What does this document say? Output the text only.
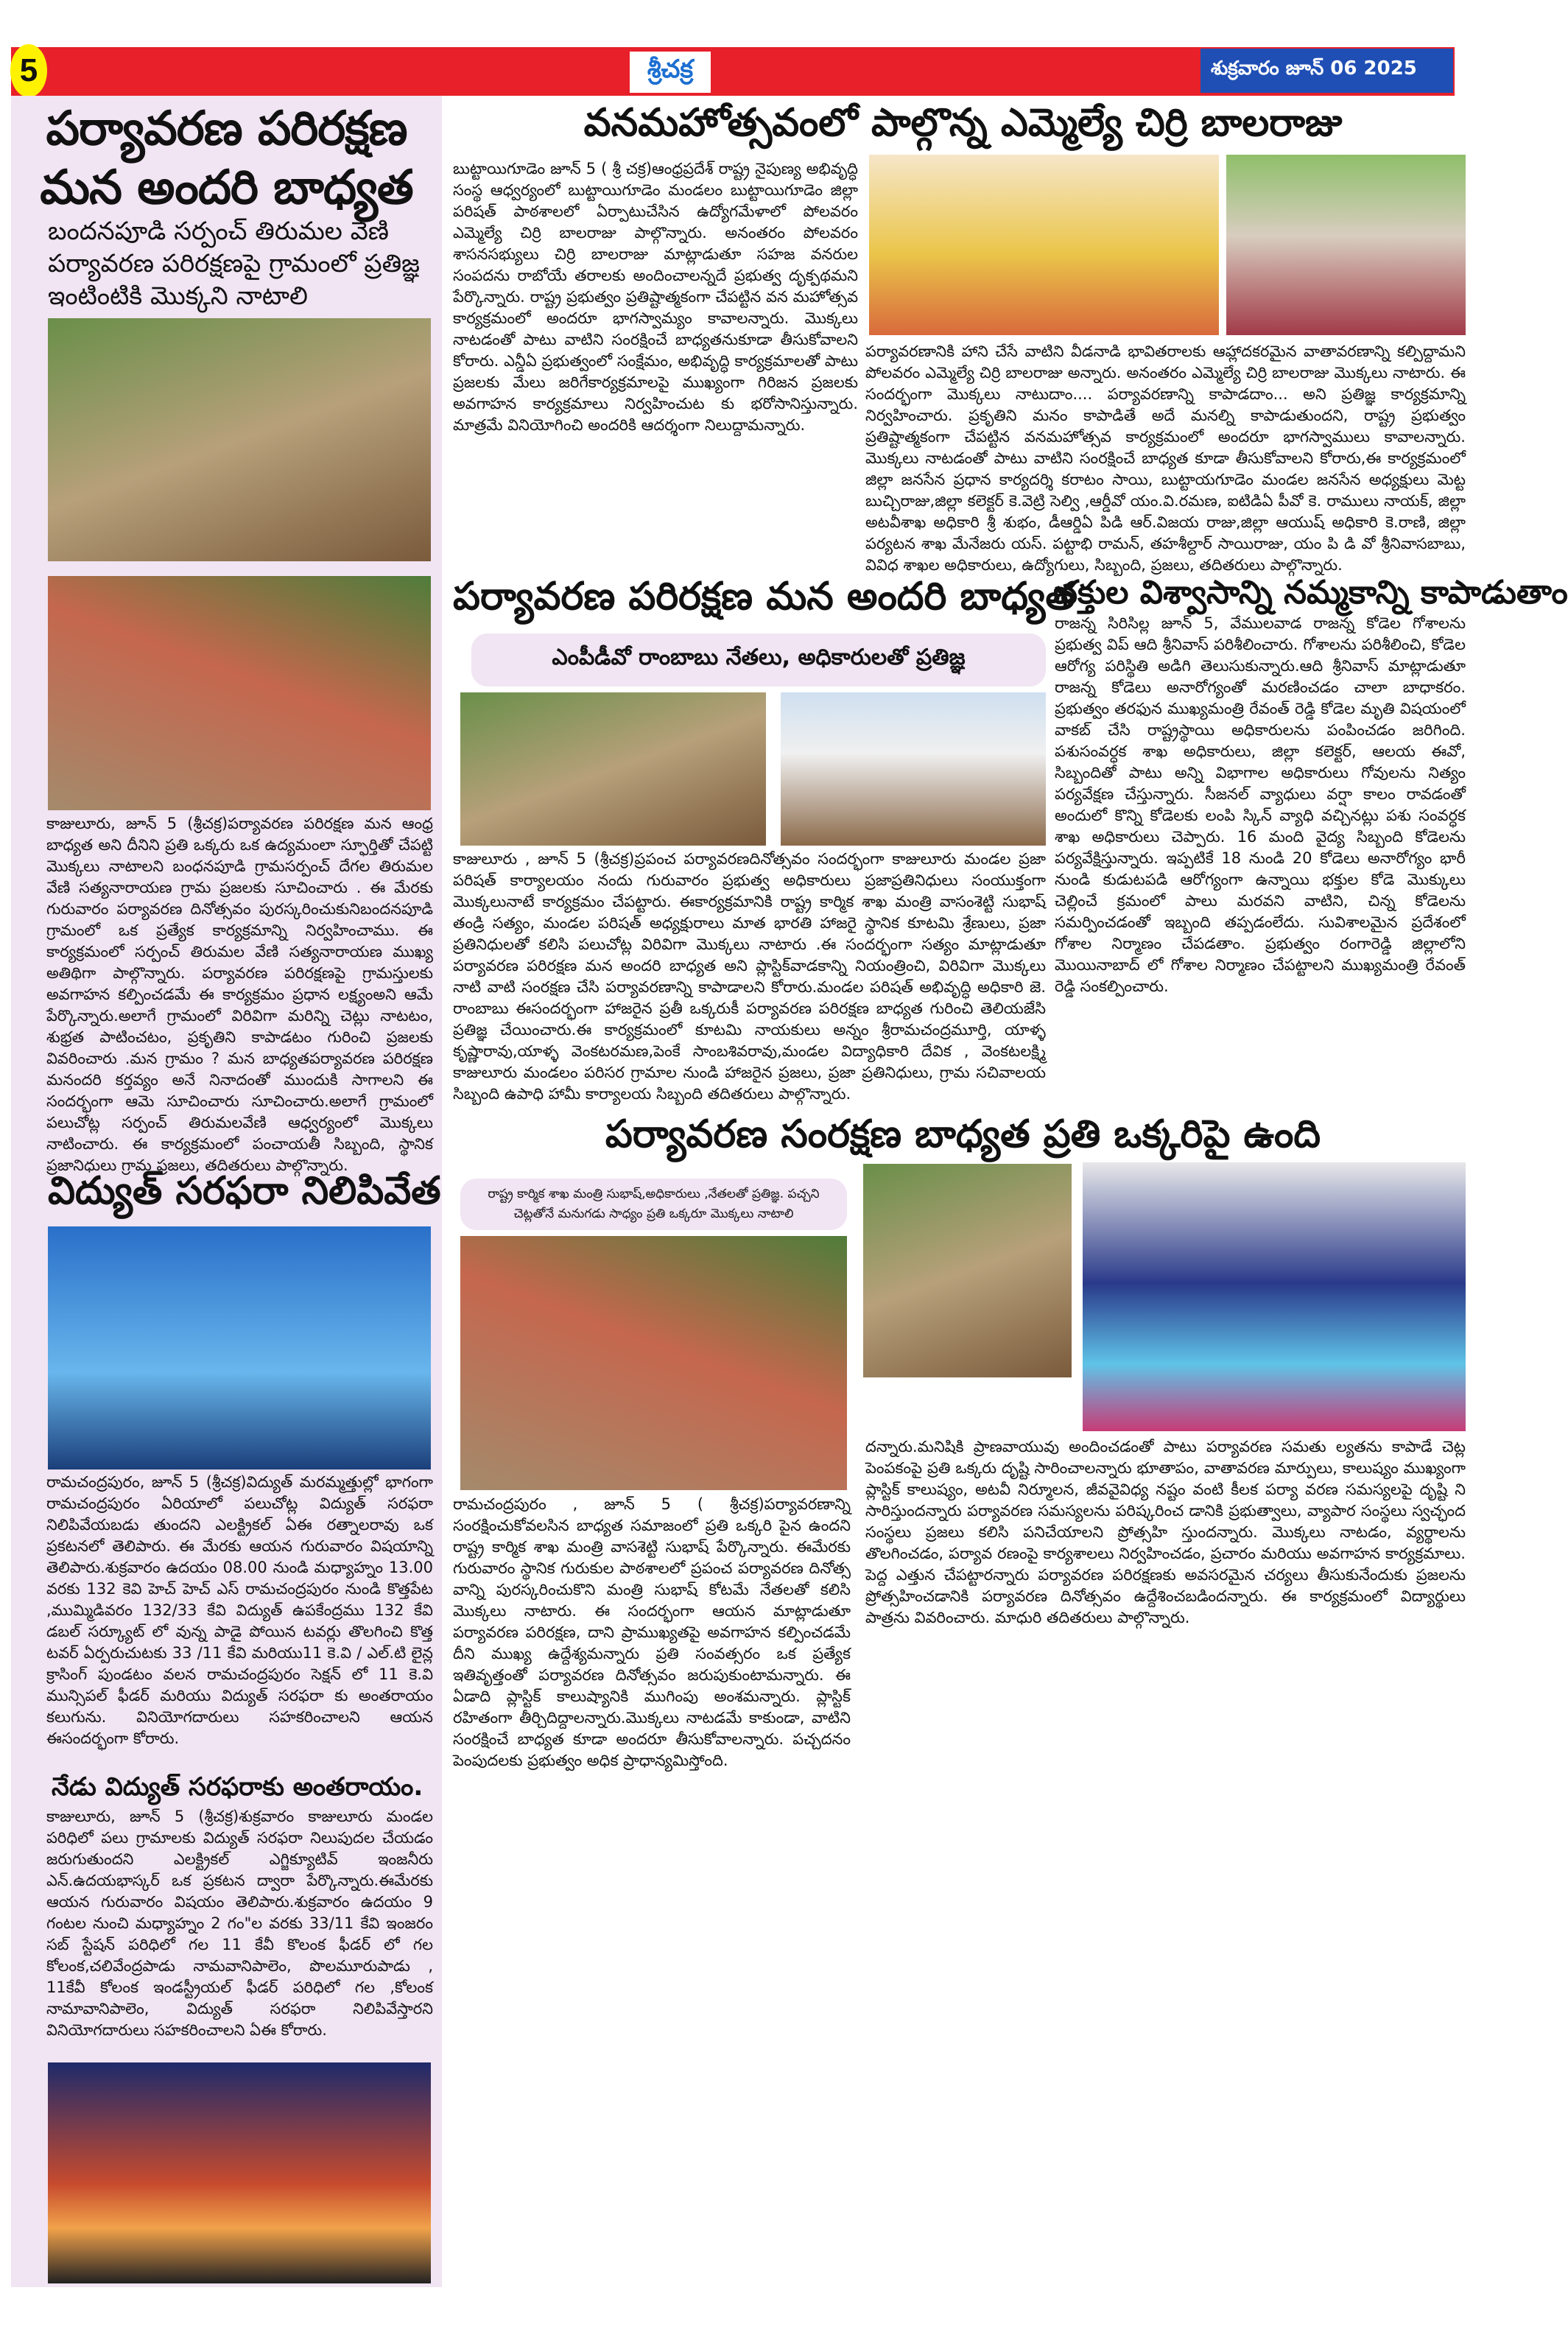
5	శ్రీచక్ర	శుక్రవారం జూన్ 06 2025
పర్యావరణ పరిరక్షణ
మన అందరి బాధ్యత
బందనపూడి సర్పంచ్ తిరుమల వేణి పర్యావరణ పరిరక్షణపై గ్రామంలో ప్రతిజ్ఞ ఇంటింటికి మొక్కని నాటాలి
కాజులూరు, జూన్ 5 (శ్రీచక్ర)పర్యావరణ పరిరక్షణ మన ఆంధ్ర బాధ్యత అని దీనిని ప్రతి ఒక్కరు ఒక ఉద్యమంలా స్ఫూర్తితో చేపట్టి మొక్కలు నాటాలని బంధనపూడి గ్రామసర్పంచ్ దేగల తిరుమల వేణి సత్యనారాయణ గ్రామ ప్రజలకు సూచించారు . ఈ మేరకు గురువారం పర్యావరణ దినోత్సవం పురస్కరించుకునిబందనపూడి గ్రామంలో ఒక ప్రత్యేక కార్యక్రమాన్ని నిర్వహించాము. ఈ కార్యక్రమంలో సర్పంచ్ తిరుమల వేణి సత్యనారాయణ ముఖ్య అతిథిగా పాల్గొన్నారు. పర్యావరణ పరిరక్షణపై గ్రామస్తులకు అవగాహన కల్పించడమే ఈ కార్యక్రమం ప్రధాన లక్ష్యంఅని ఆమే పేర్కొన్నారు.అలాగే గ్రామంలో విరివిగా మరిన్ని చెట్లు నాటటం, శుభ్రత పాటించటం, ప్రకృతిని కాపాడటం గురించి ప్రజలకు వివరించారు .మన గ్రామం ? మన బాధ్యతపర్యావరణ పరిరక్షణ మనందరి కర్తవ్యం అనే నినాదంతో ముందుకి సాగాలని ఈ సందర్భంగా ఆమె సూచించారు సూచించారు.అలాగే గ్రామంలో పలుచోట్ల సర్పంచ్ తిరుమలవేణి ఆధ్వర్యంలో మొక్కలు నాటించారు. ఈ కార్యక్రమంలో పంచాయతీ సిబ్బంది, స్థానిక ప్రజానిధులు గ్రామ ప్రజలు, తదితరులు పాల్గొన్నారు.
విద్యుత్ సరఫరా నిలిపివేత
రామచంద్రపురం, జూన్ 5 (శ్రీచక్ర)విద్యుత్ మరమ్మత్తుల్లో భాగంగా రామచంద్రపురం ఏరియాలో పలుచోట్ల విద్యుత్ సరఫరా నిలిపివేయబడు తుందని ఎలక్ట్రికల్ ఏఈ రత్నాలరావు ఒక ప్రకటనలో తెలిపారు. ఈ మేరకు ఆయన గురువారం విషయాన్ని తెలిపారు.శుక్రవారం ఉదయం 08.00 నుండి మధ్యాహ్నం 13.00 వరకు 132 కెవి హెచ్ హెచ్ ఎస్ రామచంద్రపురం నుండి కొత్తపేట ,ముమ్మిడివరం 132/33 కేవి విద్యుత్ ఉపకేంద్రము 132 కేవి డబల్ సర్క్యూట్ లో వున్న పాడై పోయిన టవర్లు తొలగించి కొత్త టవర్ ఏర్పరుచుటకు 33 /11 కేవి మరియు11 కె.వి / ఎల్.టి లైన్ల క్రాసింగ్ పుండటం వలన రామచంద్రపురం సెక్షన్ లో 11 కె.వి మున్సిపల్ ఫీడర్ మరియు విద్యుత్ సరఫరా కు అంతరాయం కలుగును. వినియోగదారులు సహకరించాలని ఆయన ఈసందర్భంగా కోరారు.
నేడు విద్యుత్ సరఫరాకు అంతరాయం.
కాజులూరు, జూన్ 5 (శ్రీచక్ర)శుక్రవారం కాజులూరు మండల పరిధిలో పలు గ్రామాలకు విద్యుత్ సరఫరా నిలుపుదల చేయడం జరుగుతుందని ఎలక్ట్రికల్ ఎగ్జిక్యూటివ్ ఇంజనీరు ఎన్.ఉదయభాస్కర్ ఒక ప్రకటన ద్వారా పేర్కొన్నారు.ఈమేరకు ఆయన గురువారం విషయం తెలిపారు.శుక్రవారం ఉదయం 9 గంటల నుంచి మధ్యాహ్నం 2 గం"ల వరకు 33/11 కేవి ఇంజరం సబ్ స్టేషన్ పరిధిలో గల 11 కేవీ కొలంక ఫీడర్ లో గల కోలంక,చలివేంద్రపాడు నామవానిపాలెం, పొలమూరుపాడు , 11కేవీ కోలంక ఇండస్ట్రీయల్ ఫీడర్ పరిధిలో గల ,కోలంక నామావానిపాలెం, విద్యుత్ సరఫరా నిలిపివేస్తారని వినియోగదారులు సహకరించాలని ఏఈ కోరారు.
వనమహోత్సవంలో పాల్గొన్న ఎమ్మెల్యే చిర్రి బాలరాజు
బుట్టాయిగూడెం జూన్ 5 ( శ్రీ చక్ర)ఆంధ్రప్రదేశ్ రాష్ట్ర నైపుణ్య అభివృద్ధి సంస్థ ఆధ్వర్యంలో బుట్టాయిగూడెం మండలం బుట్టాయిగూడెం జిల్లా పరిషత్ పాఠశాలలో ఏర్పాటుచేసిన ఉద్యోగమేళాలో పోలవరం ఎమ్మెల్యే చిర్రి బాలరాజు పాల్గొన్నారు. అనంతరం పోలవరం శాసనసభ్యులు చిర్రి బాలరాజు మాట్లాడుతూ సహజ వనరుల సంపదను రాబోయే తరాలకు అందించాలన్నదే ప్రభుత్వ దృక్పథమని పేర్కొన్నారు. రాష్ట్ర ప్రభుత్వం ప్రతిష్టాత్మకంగా చేపట్టిన వన మహోత్సవ కార్యక్రమంలో అందరూ భాగస్వామ్యం కావాలన్నారు. మొక్కలు నాటడంతో పాటు వాటిని సంరక్షించే బాధ్యతనుకూడా తీసుకోవాలని కోరారు. ఎన్డీఏ ప్రభుత్వంలో సంక్షేమం, అభివృద్ధి కార్యక్రమాలతో పాటు ప్రజలకు మేలు జరిగేకార్యక్రమాలపై ముఖ్యంగా గిరిజన ప్రజలకు అవగాహన కార్యక్రమాలు నిర్వహించుట కు భరోసానిస్తున్నారు. మాత్రమే వినియోగించి అందరికి ఆదర్శంగా నిలుద్దామన్నారు.
పర్యావరణానికి హాని చేసే వాటిని వీడనాడి భావితరాలకు ఆహ్లాదకరమైన వాతావరణాన్ని కల్పిద్దామని పోలవరం ఎమ్మెల్యే చిర్రి బాలరాజు అన్నారు. అనంతరం ఎమ్మెల్యే చిర్రి బాలరాజు మొక్కలు నాటారు. ఈ సందర్భంగా మొక్కలు నాటుదాం.... పర్యావరణాన్ని కాపాడదాం... అని ప్రతిజ్ఞ కార్యక్రమాన్ని నిర్వహించారు. ప్రకృతిని మనం కాపాడితే అదే మనల్ని కాపాడుతుందని, రాష్ట్ర ప్రభుత్వం ప్రతిష్టాత్మకంగా చేపట్టిన వనమహోత్సవ కార్యక్రమంలో అందరూ భాగస్వాములు కావాలన్నారు. మొక్కలు నాటడంతో పాటు వాటిని సంరక్షించే బాధ్యత కూడా తీసుకోవాలని కోరారు,ఈ కార్యక్రమంలో జిల్లా జనసేన ప్రధాన కార్యదర్శి కరాటం సాయి, బుట్టాయగూడెం మండల జనసేన అధ్యక్షులు మెట్ట బుచ్చిరాజు,జిల్లా కలెక్టర్ కె.వెట్రి సెల్వి ,ఆర్డీవో యం.వి.రమణ, ఐటిడిఏ పీవో కె. రాములు నాయక్, జిల్లా అటవీశాఖ అధికారి శ్రీ శుభం, డీఆర్డిఏ పిడి ఆర్.విజయ రాజు,జిల్లా ఆయుష్ అధికారి కె.రాణి, జిల్లా పర్యటన శాఖ మేనేజరు యస్. పట్టాభి రామన్, తహశీల్దార్ సాయిరాజు, యం పి డి వో శ్రీనివాసబాబు, వివిధ శాఖల అధికారులు, ఉద్యోగులు, సిబ్బంది, ప్రజలు, తదితరులు పాల్గొన్నారు.
పర్యావరణ పరిరక్షణ మన అందరి బాధ్యత
ఎంపీడీవో రాంబాబు నేతలు, అధికారులతో ప్రతిజ్ఞ
కాజులూరు , జూన్ 5 (శ్రీచక్ర)ప్రపంచ పర్యావరణదినోత్సవం సందర్భంగా కాజులూరు మండల ప్రజా పరిషత్ కార్యాలయం నందు గురువారం ప్రభుత్వ అధికారులు ప్రజాప్రతినిధులు సంయుక్తంగా మొక్కలునాటే కార్యక్రమం చేపట్టారు. ఈకార్యక్రమానికి రాష్ట్ర కార్మిక శాఖ మంత్రి వాసంశెట్టి సుభాష్ తండ్రి సత్యం, మండల పరిషత్ అధ్యక్షురాలు మాత భారతి హాజరై స్థానిక కూటమి శ్రేణులు, ప్రజా ప్రతినిధులతో కలిసి పలుచోట్ల విరివిగా మొక్కలు నాటారు .ఈ సందర్భంగా సత్యం మాట్లాడుతూ పర్యావరణ పరిరక్షణ మన అందరి బాధ్యత అని ప్లాస్టిక్‌వాడకాన్ని నియంత్రించి, విరివిగా మొక్కలు నాటి వాటి సంరక్షణ చేసి పర్యావరణాన్ని కాపాడాలని కోరారు.మండల పరిషత్ అభివృద్ధి అధికారి జె. రాంబాబు ఈసందర్భంగా హాజరైన ప్రతీ ఒక్కరుకీ పర్యావరణ పరిరక్షణ బాధ్యత గురించి తెలియజేసి ప్రతిజ్ఞ చేయించారు.ఈ కార్యక్రమంలో కూటమి నాయకులు అన్నం శ్రీరామచంద్రమూర్తి, యాళ్ళ కృష్ణారావు,యాళ్ళ వెంకటరమణ,పెంకే సాంబశివరావు,మండల విద్యాధికారి దేవిక , వెంకటలక్ష్మి కాజులూరు మండలం పరిసర గ్రామాల నుండి హాజరైన ప్రజలు, ప్రజా ప్రతినిధులు, గ్రామ సచివాలయ సిబ్బంది ఉపాధి హామీ కార్యాలయ సిబ్బంది తదితరులు పాల్గొన్నారు.
భక్తుల విశ్వాసాన్ని నమ్మకాన్ని కాపాడుతాం
రాజన్న సిరిసిల్ల జూన్ 5, వేములవాడ రాజన్న కోడెల గోశాలను ప్రభుత్వ విప్ ఆది శ్రీనివాస్ పరిశీలించారు. గోశాలను పరిశీలించి, కోడెల ఆరోగ్య పరిస్థితి అడిగి తెలుసుకున్నారు.ఆది శ్రీనివాస్ మాట్లాడుతూ రాజన్న కోడెలు అనారోగ్యంతో మరణించడం చాలా బాధాకరం. ప్రభుత్వం తరఫున ముఖ్యమంత్రి రేవంత్ రెడ్డి కోడెల మృతి విషయంలో వాకబ్ చేసి రాష్ట్రస్థాయి అధికారులను పంపించడం జరిగింది. పశుసంవర్ధక శాఖ అధికారులు, జిల్లా కలెక్టర్, ఆలయ ఈవో, సిబ్బందితో పాటు అన్ని విభాగాల అధికారులు గోవులను నిత్యం పర్యవేక్షణ చేస్తున్నారు. సీజనల్ వ్యాధులు వర్షా కాలం రావడంతో అందులో కొన్ని కోడెలకు లంపి స్కిన్ వ్యాధి వచ్చినట్లు పశు సంవర్ధక శాఖ అధికారులు చెప్పారు. 16 మంది వైద్య సిబ్బంది కోడెలను పర్యవేక్షిస్తున్నారు. ఇప్పటికే 18 నుండి 20 కోడెలు అనారోగ్యం భారీ నుండి కుడుటపడి ఆరోగ్యంగా ఉన్నాయి భక్తుల కోడె మొక్కులు చెల్లించే క్రమంలో పాలు మరవని వాటిని, చిన్న కోడెలను సమర్పించడంతో ఇబ్బంది తప్పడంలేదు. సువిశాలమైన ప్రదేశంలో గోశాల నిర్మాణం చేపడతాం. ప్రభుత్వం రంగారెడ్డి జిల్లాలోని మొయినాబాద్ లో గోశాల నిర్మాణం చేపట్టాలని ముఖ్యమంత్రి రేవంత్ రెడ్డి సంకల్పించారు.
పర్యావరణ సంరక్షణ బాధ్యత ప్రతి ఒక్కరిపై ఉంది
రాష్ట్ర కార్మిక శాఖ మంత్రి సుభాష్,అధికారులు ,నేతలతో ప్రతిజ్ఞ. పచ్చని చెట్లతోనే మనుగడు సాధ్యం ప్రతి ఒక్కరూ మొక్కలు నాటాలి
రామచంద్రపురం , జూన్ 5 ( శ్రీచక్ర)పర్యావరణాన్ని సంరక్షించుకోవలసిన బాధ్యత సమాజంలో ప్రతి ఒక్కరి పైన ఉందని రాష్ట్ర కార్మిక శాఖ మంత్రి వాసశెట్టి సుభాష్ పేర్కొన్నారు. ఈమేరకు గురువారం స్థానిక గురుకుల పాఠశాలలో ప్రపంచ పర్యావరణ దినోత్స వాన్ని పురస్కరించుకొని మంత్రి సుభాష్ కోటమే నేతలతో కలిసి మొక్కలు నాటారు. ఈ సందర్భంగా ఆయన మాట్లాడుతూ పర్యావరణ పరిరక్షణ, దాని ప్రాముఖ్యతపై అవగాహన కల్పించడమే దీని ముఖ్య ఉద్దేశ్యమన్నారు ప్రతి సంవత్సరం ఒక ప్రత్యేక ఇతివృత్తంతో పర్యావరణ దినోత్సవం జరుపుకుంటామన్నారు. ఈ ఏడాది ప్లాస్టిక్ కాలుష్యానికి ముగింపు అంశమన్నారు. ప్లాస్టిక్ రహితంగా తీర్చిదిద్దాలన్నారు.మొక్కలు నాటడమే కాకుండా, వాటిని సంరక్షించే బాధ్యత కూడా అందరూ తీసుకోవాలన్నారు. పచ్చదనం పెంపుదలకు ప్రభుత్వం అధిక ప్రాధాన్యమిస్తోంది.
దన్నారు.మనిషికి ప్రాణవాయువు అందించడంతో పాటు పర్యావరణ సమతు ల్యతను కాపాడే చెట్ల పెంపకంపై ప్రతి ఒక్కరు దృష్టి సారించాలన్నారు భూతాపం, వాతావరణ మార్పులు, కాలుష్యం ముఖ్యంగా ప్లాస్టిక్ కాలుష్యం, అటవీ నిర్మూలన, జీవవైవిధ్య నష్టం వంటి కీలక పర్యా వరణ సమస్యలపై దృష్టి ని సారిస్తుందన్నారు పర్యావరణ సమస్యలను పరిష్కరించ డానికి ప్రభుత్వాలు, వ్యాపార సంస్థలు స్వచ్ఛంద సంస్థలు ప్రజలు కలిసి పనిచేయాలని ప్రోత్సహి స్తుందన్నారు. మొక్కలు నాటడం, వ్యర్థాలను తొలగించడం, పర్యావ రణంపై కార్యశాలలు నిర్వహించడం, ప్రచారం మరియు అవగాహన కార్యక్రమాలు. పెద్ద ఎత్తున చేపట్టారన్నారు పర్యావరణ పరిరక్షణకు అవసరమైన చర్యలు తీసుకునేందుకు ప్రజలను ప్రోత్సహించడానికి పర్యావరణ దినోత్సవం ఉద్దేశించబడిందన్నారు. ఈ కార్యక్రమంలో విద్యార్థులు పాత్రను వివరించారు. మాధురి తదితరులు పాల్గొన్నారు.
